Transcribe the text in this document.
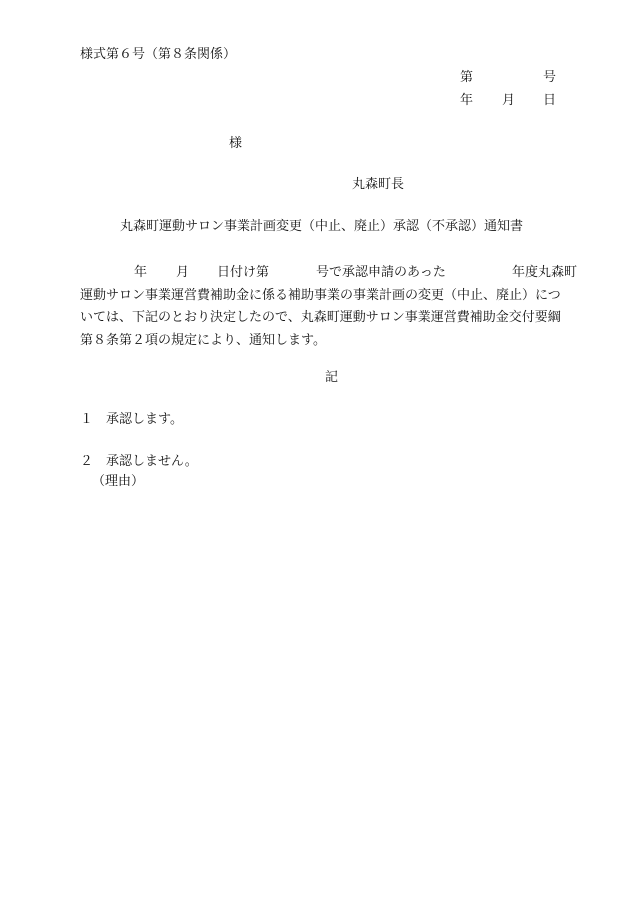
様式第６号（第８条関係）
第	号
年 月 日
様
丸森町長
丸森町運動サロン事業計画変更（中止、廃止）承認（不承認）通知書
年 月 日付け第	号で承認申請のあった	年度丸森町
運動サロン事業運営費補助金に係る補助事業の事業計画の変更（中止、廃止）につ
いては、下記のとおり決定したので、丸森町運動サロン事業運営費補助金交付要綱
第８条第２項の規定により、通知します。
記
１ 承認します。
２ 承認しません。
（理由）
